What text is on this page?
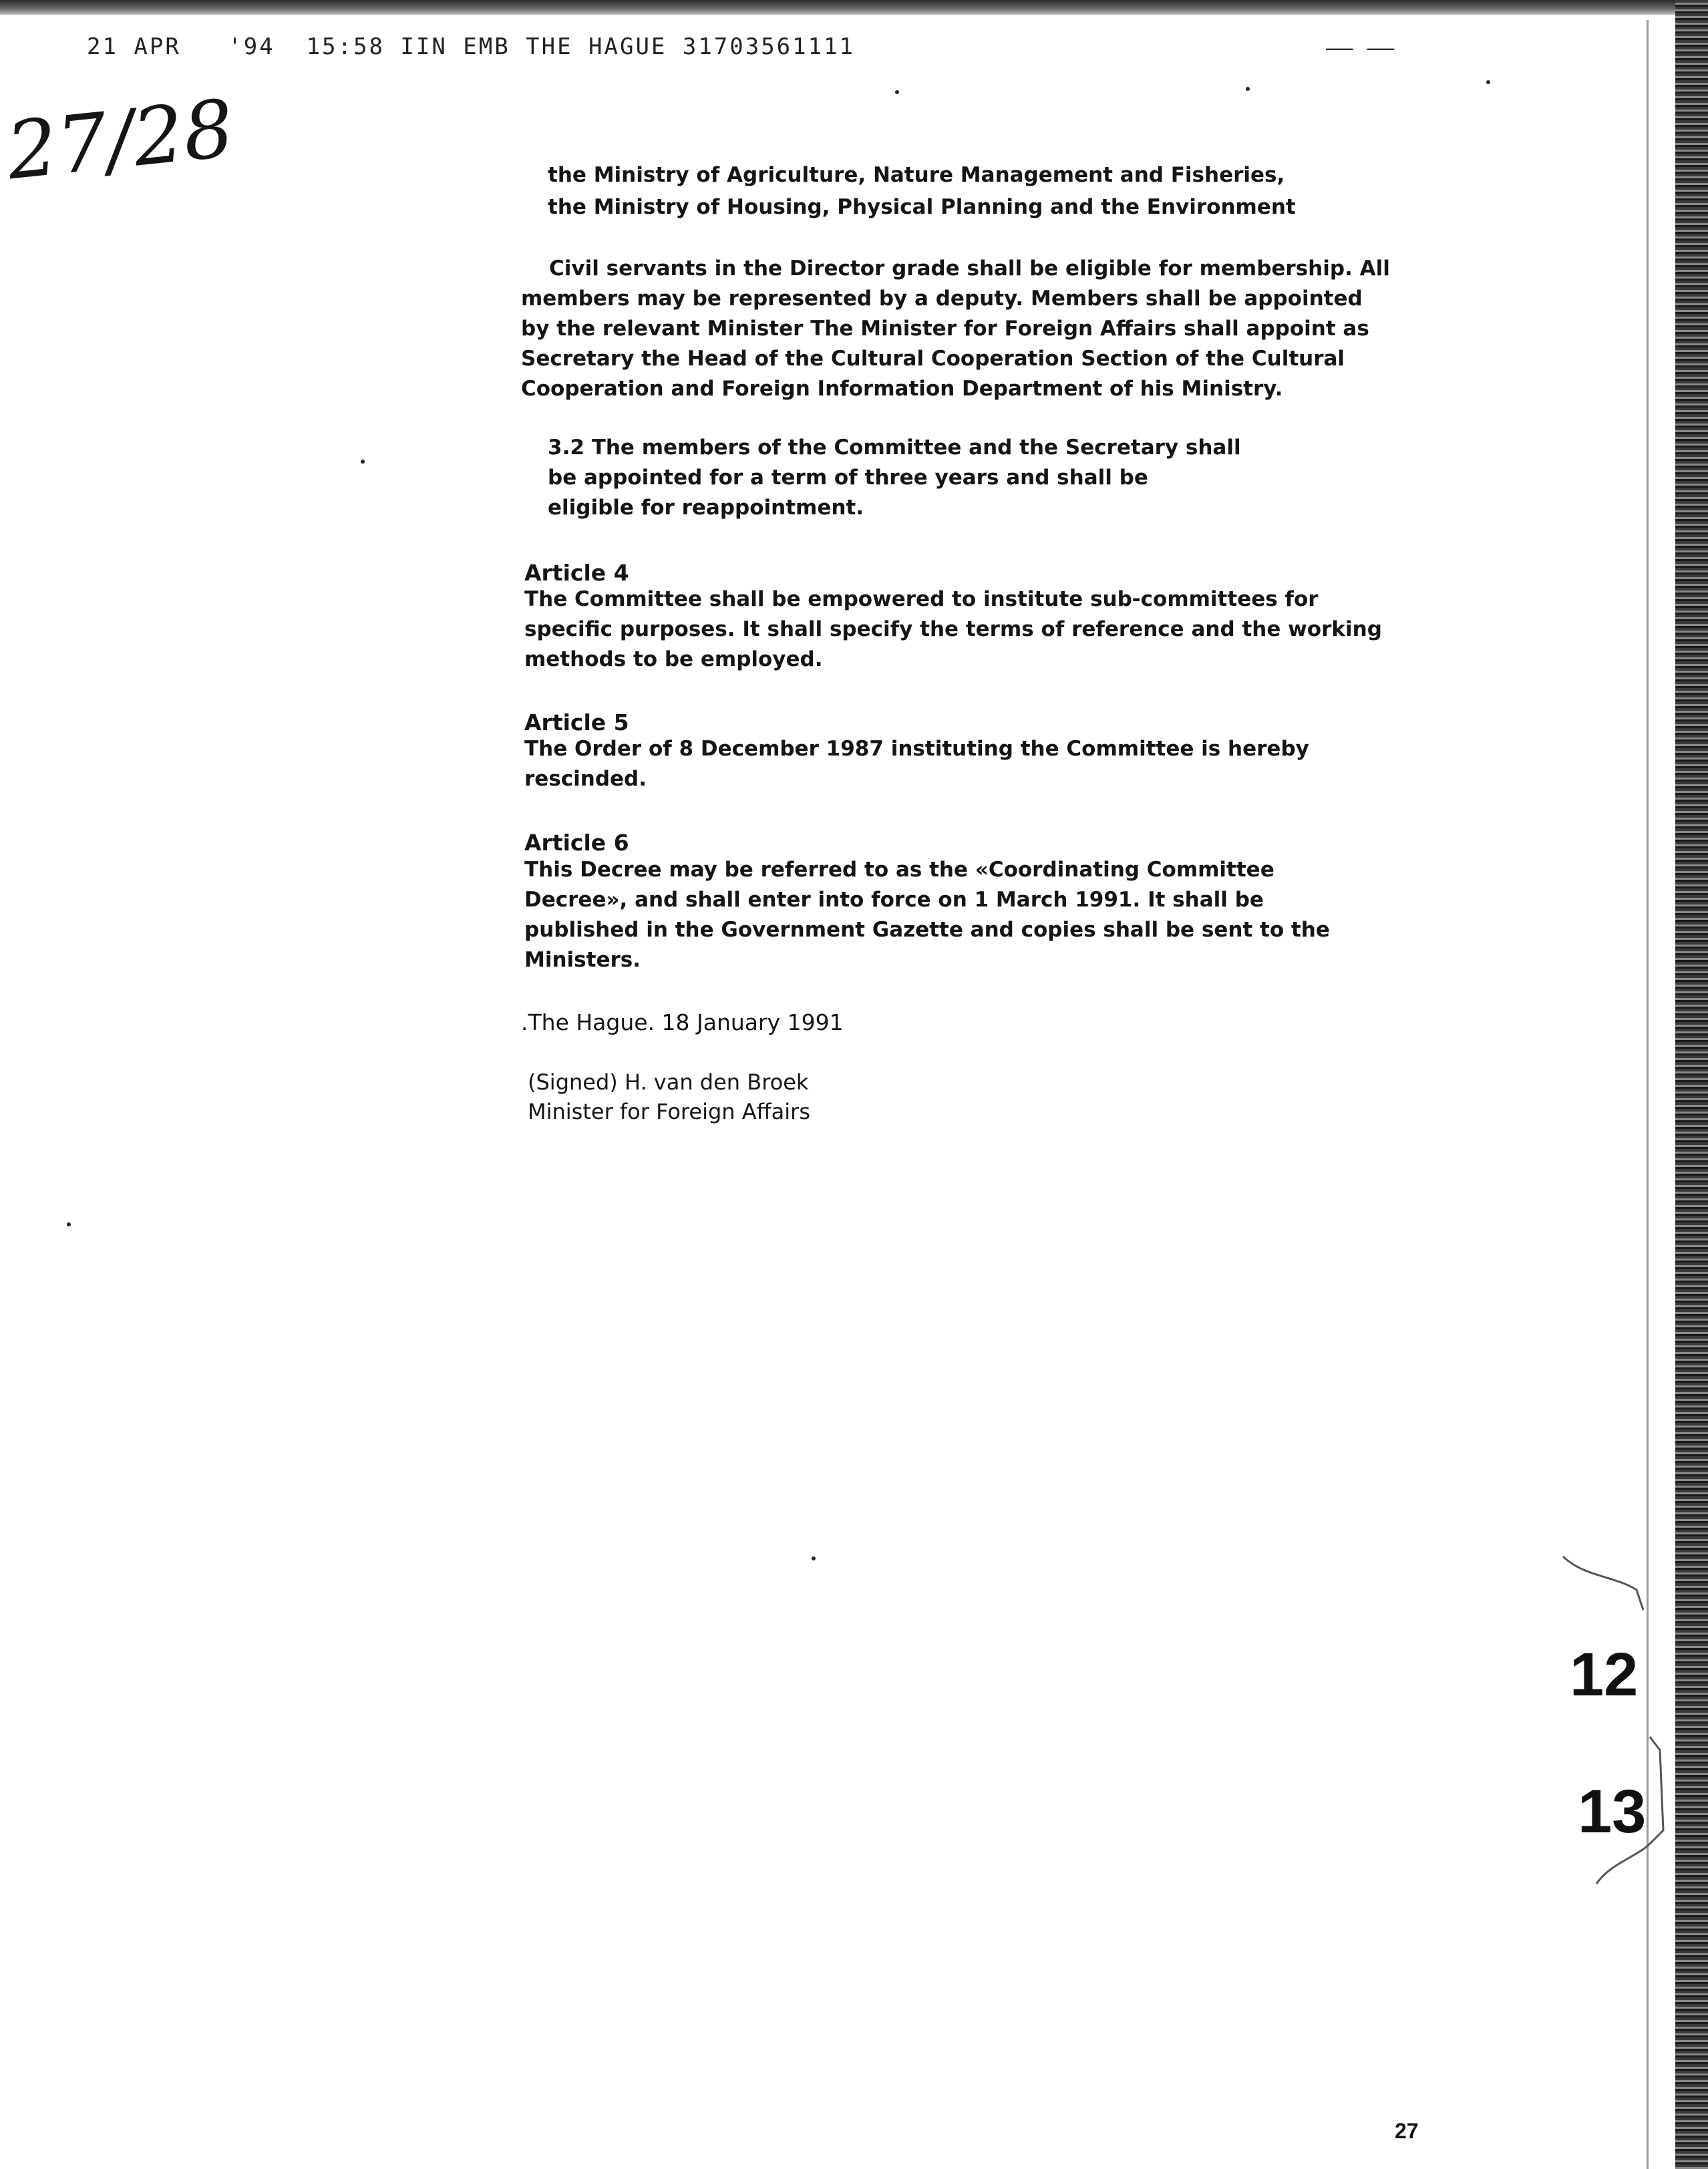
21 APR   '94  15:58 IIN EMB THE HAGUE 31703561111	—— ——
27/28	the Ministry of Agriculture, Nature Management and Fisheries,

the Ministry of Housing, Physical Planning and the Environment

Civil servants in the Director grade shall be eligible for membership. All
members may be represented by a deputy. Members shall be appointed
by the relevant Minister The Minister for Foreign Affairs shall appoint as
Secretary the Head of the Cultural Cooperation Section of the Cultural
Cooperation and Foreign Information Department of his Ministry.

3.2 The members of the Committee and the Secretary shall
be appointed for a term of three years and shall be
eligible for reappointment.

Article 4

The Committee shall be empowered to institute sub-committees for
specific purposes. It shall specify the terms of reference and the working
methods to be employed.

Article 5

The Order of 8 December 1987 instituting the Committee is hereby
rescinded.

Article 6

This Decree may be referred to as the «Coordinating Committee
Decree», and shall enter into force on 1 March 1991. It shall be
published in the Government Gazette and copies shall be sent to the
Ministers.

.The Hague. 18 January 1991

(Signed) H. van den Broek

Minister for Foreign Affairs

12
13
27
